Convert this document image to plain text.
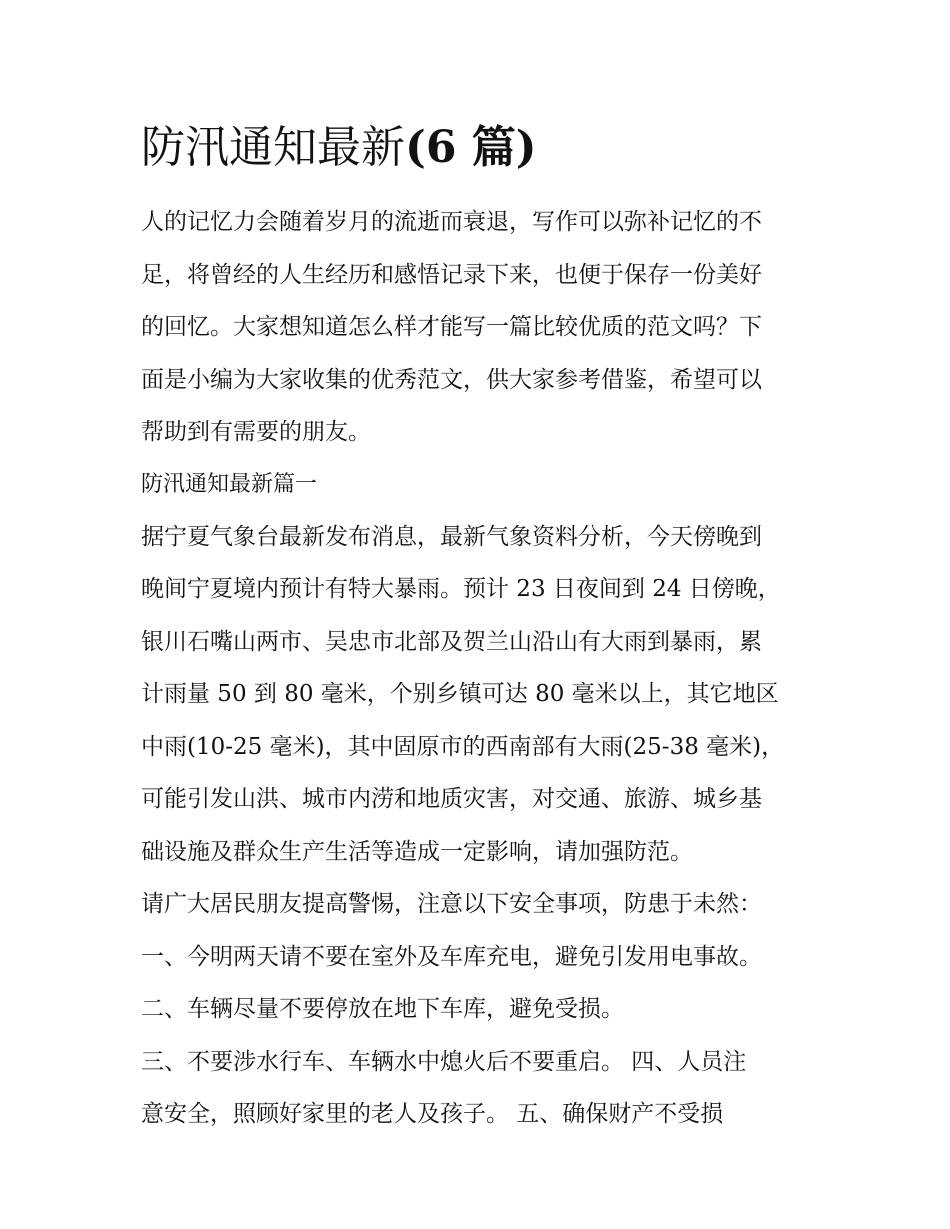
防汛通知最新(6 篇)
人的记忆力会随着岁月的流逝而衰退，写作可以弥补记忆的不
足，将曾经的人生经历和感悟记录下来，也便于保存一份美好
的回忆。大家想知道怎么样才能写一篇比较优质的范文吗？下
面是小编为大家收集的优秀范文，供大家参考借鉴，希望可以
帮助到有需要的朋友。
防汛通知最新篇一
据宁夏气象台最新发布消息，最新气象资料分析，今天傍晚到
晚间宁夏境内预计有特大暴雨。预计 23 日夜间到 24 日傍晚，
银川石嘴山两市、吴忠市北部及贺兰山沿山有大雨到暴雨，累
计雨量 50 到 80 毫米，个别乡镇可达 80 毫米以上，其它地区
中雨(10-25 毫米)，其中固原市的西南部有大雨(25-38 毫米)，
可能引发山洪、城市内涝和地质灾害，对交通、旅游、城乡基
础设施及群众生产生活等造成一定影响，请加强防范。
请广大居民朋友提高警惕，注意以下安全事项，防患于未然：
一、今明两天请不要在室外及车库充电，避免引发用电事故。
二、车辆尽量不要停放在地下车库，避免受损。
三、不要涉水行车、车辆水中熄火后不要重启。 四、人员注
意安全，照顾好家里的老人及孩子。 五、确保财产不受损
